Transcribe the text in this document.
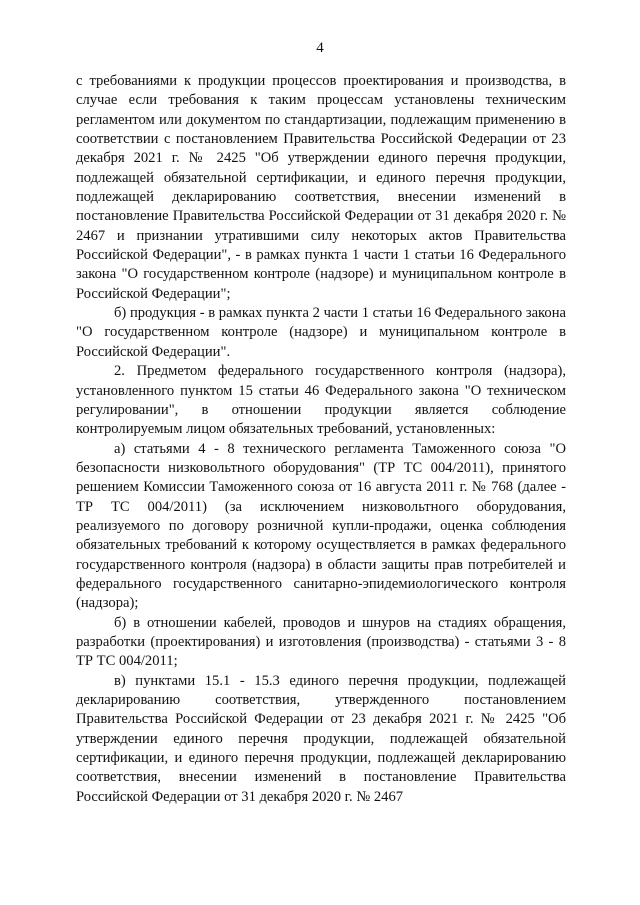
4

с требованиями к продукции процессов проектирования и производства, в случае если требования к таким процессам установлены техническим регламентом или документом по стандартизации, подлежащим применению в соответствии с постановлением Правительства Российской Федерации от 23 декабря 2021 г. № 2425 "Об утверждении единого перечня продукции, подлежащей обязательной сертификации, и единого перечня продукции, подлежащей декларированию соответствия, внесении изменений в постановление Правительства Российской Федерации от 31 декабря 2020 г. № 2467 и признании утратившими силу некоторых актов Правительства Российской Федерации", - в рамках пункта 1 части 1 статьи 16 Федерального закона "О государственном контроле (надзоре) и муниципальном контроле в Российской Федерации";

б) продукция - в рамках пункта 2 части 1 статьи 16 Федерального закона "О государственном контроле (надзоре) и муниципальном контроле в Российской Федерации".

2. Предметом федерального государственного контроля (надзора), установленного пунктом 15 статьи 46 Федерального закона "О техническом регулировании", в отношении продукции является соблюдение контролируемым лицом обязательных требований, установленных:

а) статьями 4 - 8 технического регламента Таможенного союза "О безопасности низковольтного оборудования" (ТР ТС 004/2011), принятого решением Комиссии Таможенного союза от 16 августа 2011 г. № 768 (далее - ТР ТС 004/2011) (за исключением низковольтного оборудования, реализуемого по договору розничной купли-продажи, оценка соблюдения обязательных требований к которому осуществляется в рамках федерального государственного контроля (надзора) в области защиты прав потребителей и федерального государственного санитарно-эпидемиологического контроля (надзора);

б) в отношении кабелей, проводов и шнуров на стадиях обращения, разработки (проектирования) и изготовления (производства) - статьями 3 - 8 ТР ТС 004/2011;

в) пунктами 15.1 - 15.3 единого перечня продукции, подлежащей декларированию соответствия, утвержденного постановлением Правительства Российской Федерации от 23 декабря 2021 г. № 2425 "Об утверждении единого перечня продукции, подлежащей обязательной сертификации, и единого перечня продукции, подлежащей декларированию соответствия, внесении изменений в постановление Правительства Российской Федерации от 31 декабря 2020 г. № 2467
